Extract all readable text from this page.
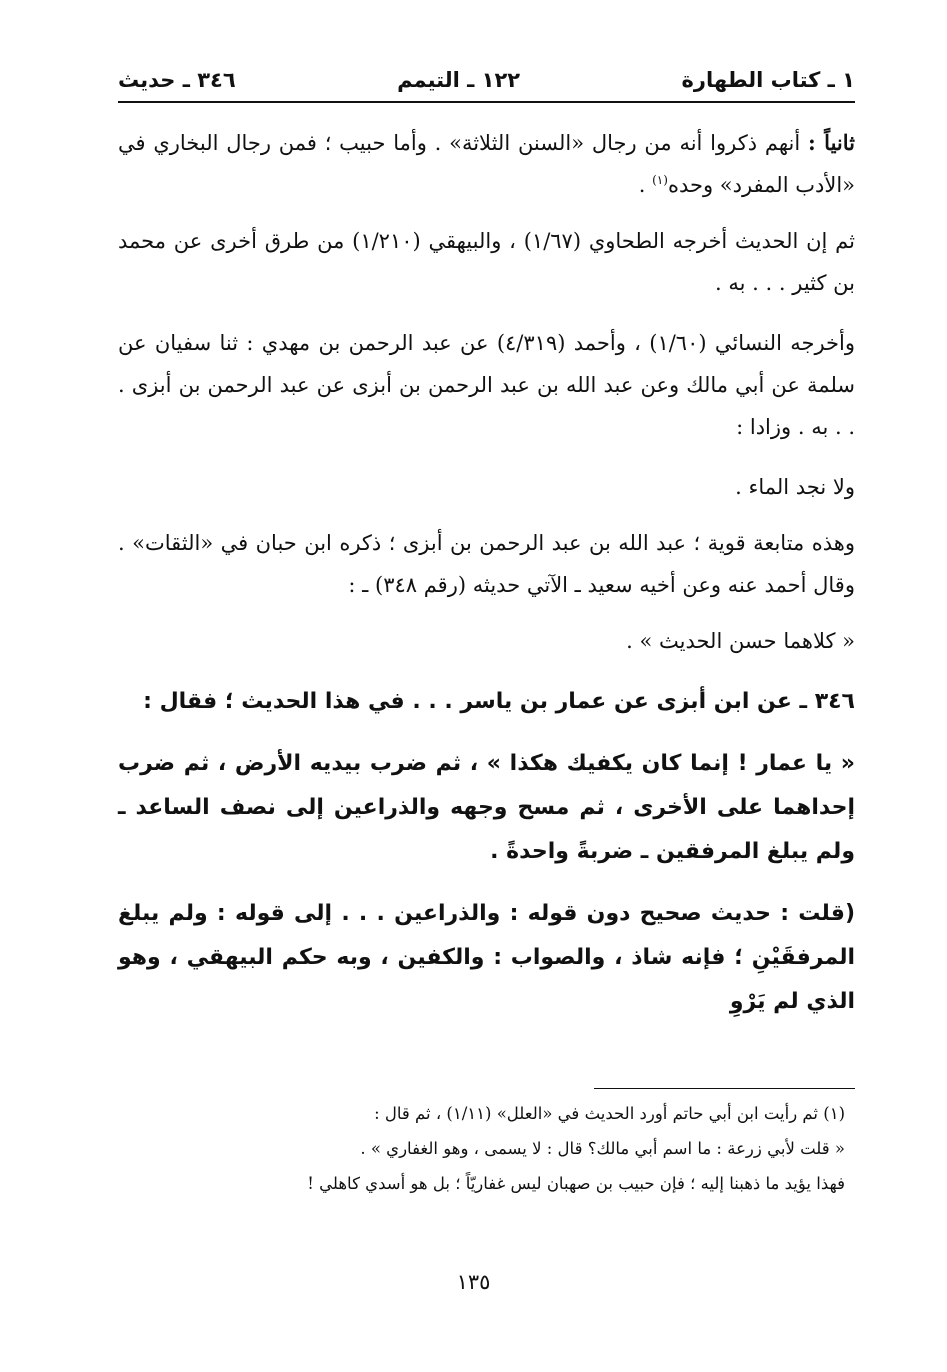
١ ـ كتاب الطهارة
١٢٢ ـ التيمم
٣٤٦ ـ حديث

ثانياً : أنهم ذكروا أنه من رجال «السنن الثلاثة» . وأما حبيب ؛ فمن رجال البخاري في «الأدب المفرد» وحده$^{(١)}$ .

ثم إن الحديث أخرجه الطحاوي (١/٦٧) ، والبيهقي (١/٢١٠) من طرق أخرى عن محمد بن كثير . . . به .

وأخرجه النسائي (١/٦٠) ، وأحمد (٤/٣١٩) عن عبد الرحمن بن مهدي : ثنا سفيان عن سلمة عن أبي مالك وعن عبد الله بن عبد الرحمن بن أبزى عن عبد الرحمن بن أبزى . . . به . وزادا :

ولا نجد الماء .

وهذه متابعة قوية ؛ عبد الله بن عبد الرحمن بن أبزى ؛ ذكره ابن حبان في «الثقات» . وقال أحمد عنه وعن أخيه سعيد ـ الآتي حديثه (رقم ٣٤٨) ـ :

« كلاهما حسن الحديث » .

٣٤٦ ـ عن ابن أبزى عن عمار بن ياسر . . . في هذا الحديث ؛ فقال :

« يا عمار ! إنما كان يكفيك هكذا » ، ثم ضرب بيديه الأرض ، ثم ضرب إحداهما على الأخرى ، ثم مسح وجهه والذراعين إلى نصف الساعد ـ ولم يبلغ المرفقين ـ ضربةً واحدةً .

(قلت : حديث صحيح دون قوله : والذراعين . . . إلى قوله : ولم يبلغ المرفقَيْنِ ؛ فإنه شاذ ، والصواب : والكفين ، وبه حكم البيهقي ، وهو الذي لم يَرْوِ

(١) ثم رأيت ابن أبي حاتم أورد الحديث في «العلل» (١/١١) ، ثم قال :
« قلت لأبي زرعة : ما اسم أبي مالك؟ قال : لا يسمى ، وهو الغفاري » .
فهذا يؤيد ما ذهبنا إليه ؛ فإن حبيب بن صهبان ليس غفاريّاً ؛ بل هو أسدي كاهلي !
١٣٥
